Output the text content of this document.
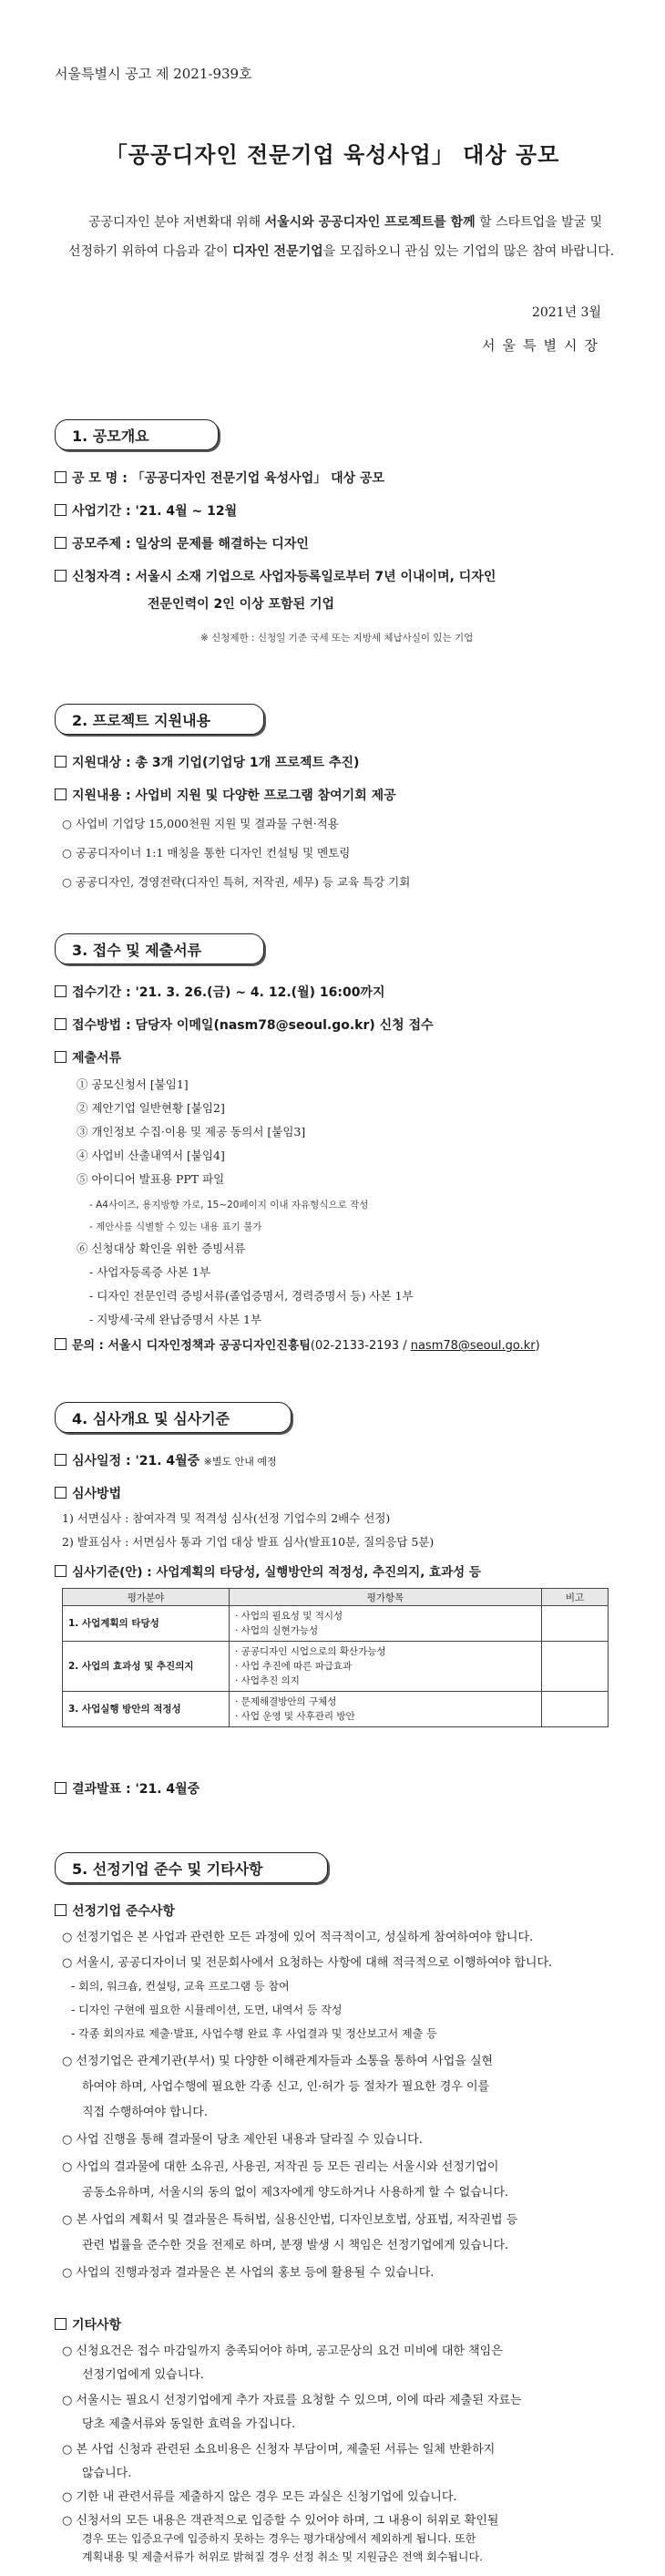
서울특별시 공고 제 2021-939호
「공공디자인 전문기업 육성사업」 대상 공모
공공디자인 분야 저변확대 위해 서울시와 공공디자인 프로젝트를 함께 할 스타트업을 발굴 및 선정하기 위하여 다음과 같이 디자인 전문기업을 모집하오니 관심 있는 기업의 많은 참여 바랍니다.
2021년 3월
서울특별시장
1. 공모개요
공 모 명 : 「공공디자인 전문기업 육성사업」 대상 공모
사업기간 : '21. 4월 ~ 12월
공모주제 : 일상의 문제를 해결하는 디자인
신청자격 : 서울시 소재 기업으로 사업자등록일로부터 7년 이내이며, 디자인
전문인력이 2인 이상 포함된 기업
※ 신청제한 : 신청일 기준 국세 또는 지방세 체납사실이 있는 기업
2. 프로젝트 지원내용
지원대상 : 총 3개 기업(기업당 1개 프로젝트 추진)
지원내용 : 사업비 지원 및 다양한 프로그램 참여기회 제공
○ 사업비 기업당 15,000천원 지원 및 결과물 구현·적용
○ 공공디자이너 1:1 매칭을 통한 디자인 컨설팅 및 멘토링
○ 공공디자인, 경영전략(디자인 특허, 저작권, 세무) 등 교육 특강 기회
3. 접수 및 제출서류
접수기간 : '21. 3. 26.(금) ~ 4. 12.(월) 16:00까지
접수방법 : 담당자 이메일(nasm78@seoul.go.kr) 신청 접수
제출서류
① 공모신청서 [붙임1]
② 제안기업 일반현황 [붙임2]
③ 개인정보 수집·이용 및 제공 동의서 [붙임3]
④ 사업비 산출내역서 [붙임4]
⑤ 아이디어 발표용 PPT 파일
- A4사이즈, 용지방향 가로, 15~20페이지 이내 자유형식으로 작성
- 제안사를 식별할 수 있는 내용 표기 불가
⑥ 신청대상 확인을 위한 증빙서류
- 사업자등록증 사본 1부
- 디자인 전문인력 증빙서류(졸업증명서, 경력증명서 등) 사본 1부
- 지방세·국세 완납증명서 사본 1부
문의 : 서울시 디자인정책과 공공디자인진흥팀(02-2133-2193 / nasm78@seoul.go.kr)
4. 심사개요 및 심사기준
심사일정 : '21. 4월중 ※별도 안내 예정
심사방법
1) 서면심사 : 참여자격 및 적격성 심사(선정 기업수의 2배수 선정)
2) 발표심사 : 서면심사 통과 기업 대상 발표 심사(발표10분, 질의응답 5분)
심사기준(안) : 사업계획의 타당성, 실행방안의 적정성, 추진의지, 효과성 등
평가분야	평가항목	비고
1. 사업계획의 타당성	· 사업의 필요성 및 적시성
· 사업의 실현가능성	

2. 사업의 효과성 및 추진의지	· 공공디자인 시업으로의 확산가능성
· 사업 추진에 따른 파급효과
· 사업추진 의지	

3. 사업실행 방안의 적정성	· 문제해결방안의 구체성
· 사업 운영 및 사후관리 방안	

결과발표 : '21. 4월중
5. 선정기업 준수 및 기타사항
선정기업 준수사항
○ 선정기업은 본 사업과 관련한 모든 과정에 있어 적극적이고, 성실하게 참여하여야 합니다.
○ 서울시, 공공디자이너 및 전문회사에서 요청하는 사항에 대해 적극적으로 이행하여야 합니다.
- 회의, 워크숍, 컨설팅, 교육 프로그램 등 참여
- 디자인 구현에 필요한 시뮬레이션, 도면, 내역서 등 작성
- 각종 회의자료 제출·발표, 사업수행 완료 후 사업결과 및 정산보고서 제출 등
○ 선정기업은 관계기관(부서) 및 다양한 이해관계자들과 소통을 통하여 사업을 실현
하여야 하며, 사업수행에 필요한 각종 신고, 인·허가 등 절차가 필요한 경우 이를
직접 수행하여야 합니다.
○ 사업 진행을 통해 결과물이 당초 제안된 내용과 달라질 수 있습니다.
○ 사업의 결과물에 대한 소유권, 사용권, 저작권 등 모든 권리는 서울시와 선정기업이
공동소유하며, 서울시의 동의 없이 제3자에게 양도하거나 사용하게 할 수 없습니다.
○ 본 사업의 계획서 및 결과물은 특허법, 실용신안법, 디자인보호법, 상표법, 저작권법 등
관련 법률을 준수한 것을 전제로 하며, 분쟁 발생 시 책임은 선정기업에게 있습니다.
○ 사업의 진행과정과 결과물은 본 사업의 홍보 등에 활용될 수 있습니다.
기타사항
○ 신청요건은 접수 마감일까지 충족되어야 하며, 공고문상의 요건 미비에 대한 책임은
선정기업에게 있습니다.
○ 서울시는 필요시 선정기업에게 추가 자료를 요청할 수 있으며, 이에 따라 제출된 자료는
당초 제출서류와 동일한 효력을 가집니다.
○ 본 사업 신청과 관련된 소요비용은 신청자 부담이며, 제출된 서류는 일체 반환하지
않습니다.
○ 기한 내 관련서류를 제출하지 않은 경우 모든 과실은 신청기업에 있습니다.
○ 신청서의 모든 내용은 객관적으로 입증할 수 있어야 하며, 그 내용이 허위로 확인될
경우 또는 입증요구에 입증하지 못하는 경우는 평가대상에서 제외하게 됩니다. 또한
계획내용 및 제출서류가 허위로 밝혀질 경우 선정 취소 및 지원금은 전액 회수됩니다.
